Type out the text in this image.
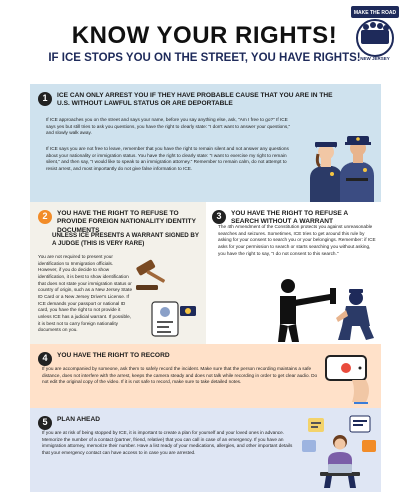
KNOW YOUR RIGHTS!
IF ICE STOPS YOU ON THE STREET, YOU HAVE RIGHTS!
MAKE THE ROAD
NEW JERSEY
1	ICE CAN ONLY ARREST YOU IF THEY HAVE PROBABLE CAUSE THAT YOU ARE IN THE U.S. WITHOUT LAWFUL STATUS OR ARE DEPORTABLE

If ICE approaches you on the street and says your name, before you say anything else, ask, "Am I free to go?" If ICE says yes but still tries to ask you questions, you have the right to clearly state: "I don't want to answer your questions," and slowly walk away.

If ICE says you are not free to leave, remember that you have the right to remain silent and not answer any questions about your nationality or immigration status. You have the right to clearly state: "I want to exercise my right to remain silent," and then say, "I would like to speak to an immigration attorney." Remember to remain calm, do not attempt to resist arrest, and most importantly do not give false information to ICE.

2	YOU HAVE THE RIGHT TO REFUSE TO PROVIDE FOREIGN NATIONALITY IDENTITY DOCUMENTS
UNLESS ICE PRESENTS A WARRANT SIGNED BY A JUDGE (THIS IS VERY RARE)

You are not required to present your identification to Immigration officials. However, if you do decide to show identification, it is best to show identification that does not state your immigration status or country of origin, such as a New Jersey State ID Card or a New Jersey Driver's License. If ICE demands your passport or national ID card, you have the right to not provide it unless ICE has a judicial warrant. If possible, it is best not to carry foreign nationality documents on you.

3	YOU HAVE THE RIGHT TO REFUSE A SEARCH WITHOUT A WARRANT

The 4th Amendment of the Constitution protects you against unreasonable searches and seizures. Sometimes, ICE tries to get around this rule by asking for your consent to search you or your belongings. Remember: if ICE asks for your permission to search or starts searching you without asking, you have the right to say, "I do not consent to this search."

4	YOU HAVE THE RIGHT TO RECORD

If you are accompanied by someone, ask them to safely record the incident. Make sure that the person recording maintains a safe distance, does not interfere with the arrest, keeps the camera steady and does not talk while recording in order to get clear audio. Do not edit the original copy of the video. If it is not safe to record, make sure to take detailed notes.

5	PLAN AHEAD

If you are at risk of being stopped by ICE, it is important to create a plan for yourself and your loved ones in advance. Memorize the number of a contact (partner, friend, relative) that you can call in case of an emergency. If you have an immigration attorney, memorize their number. Have a list ready of your medications, allergies, and other important details that your emergency contact can have access to in case you are arrested.
